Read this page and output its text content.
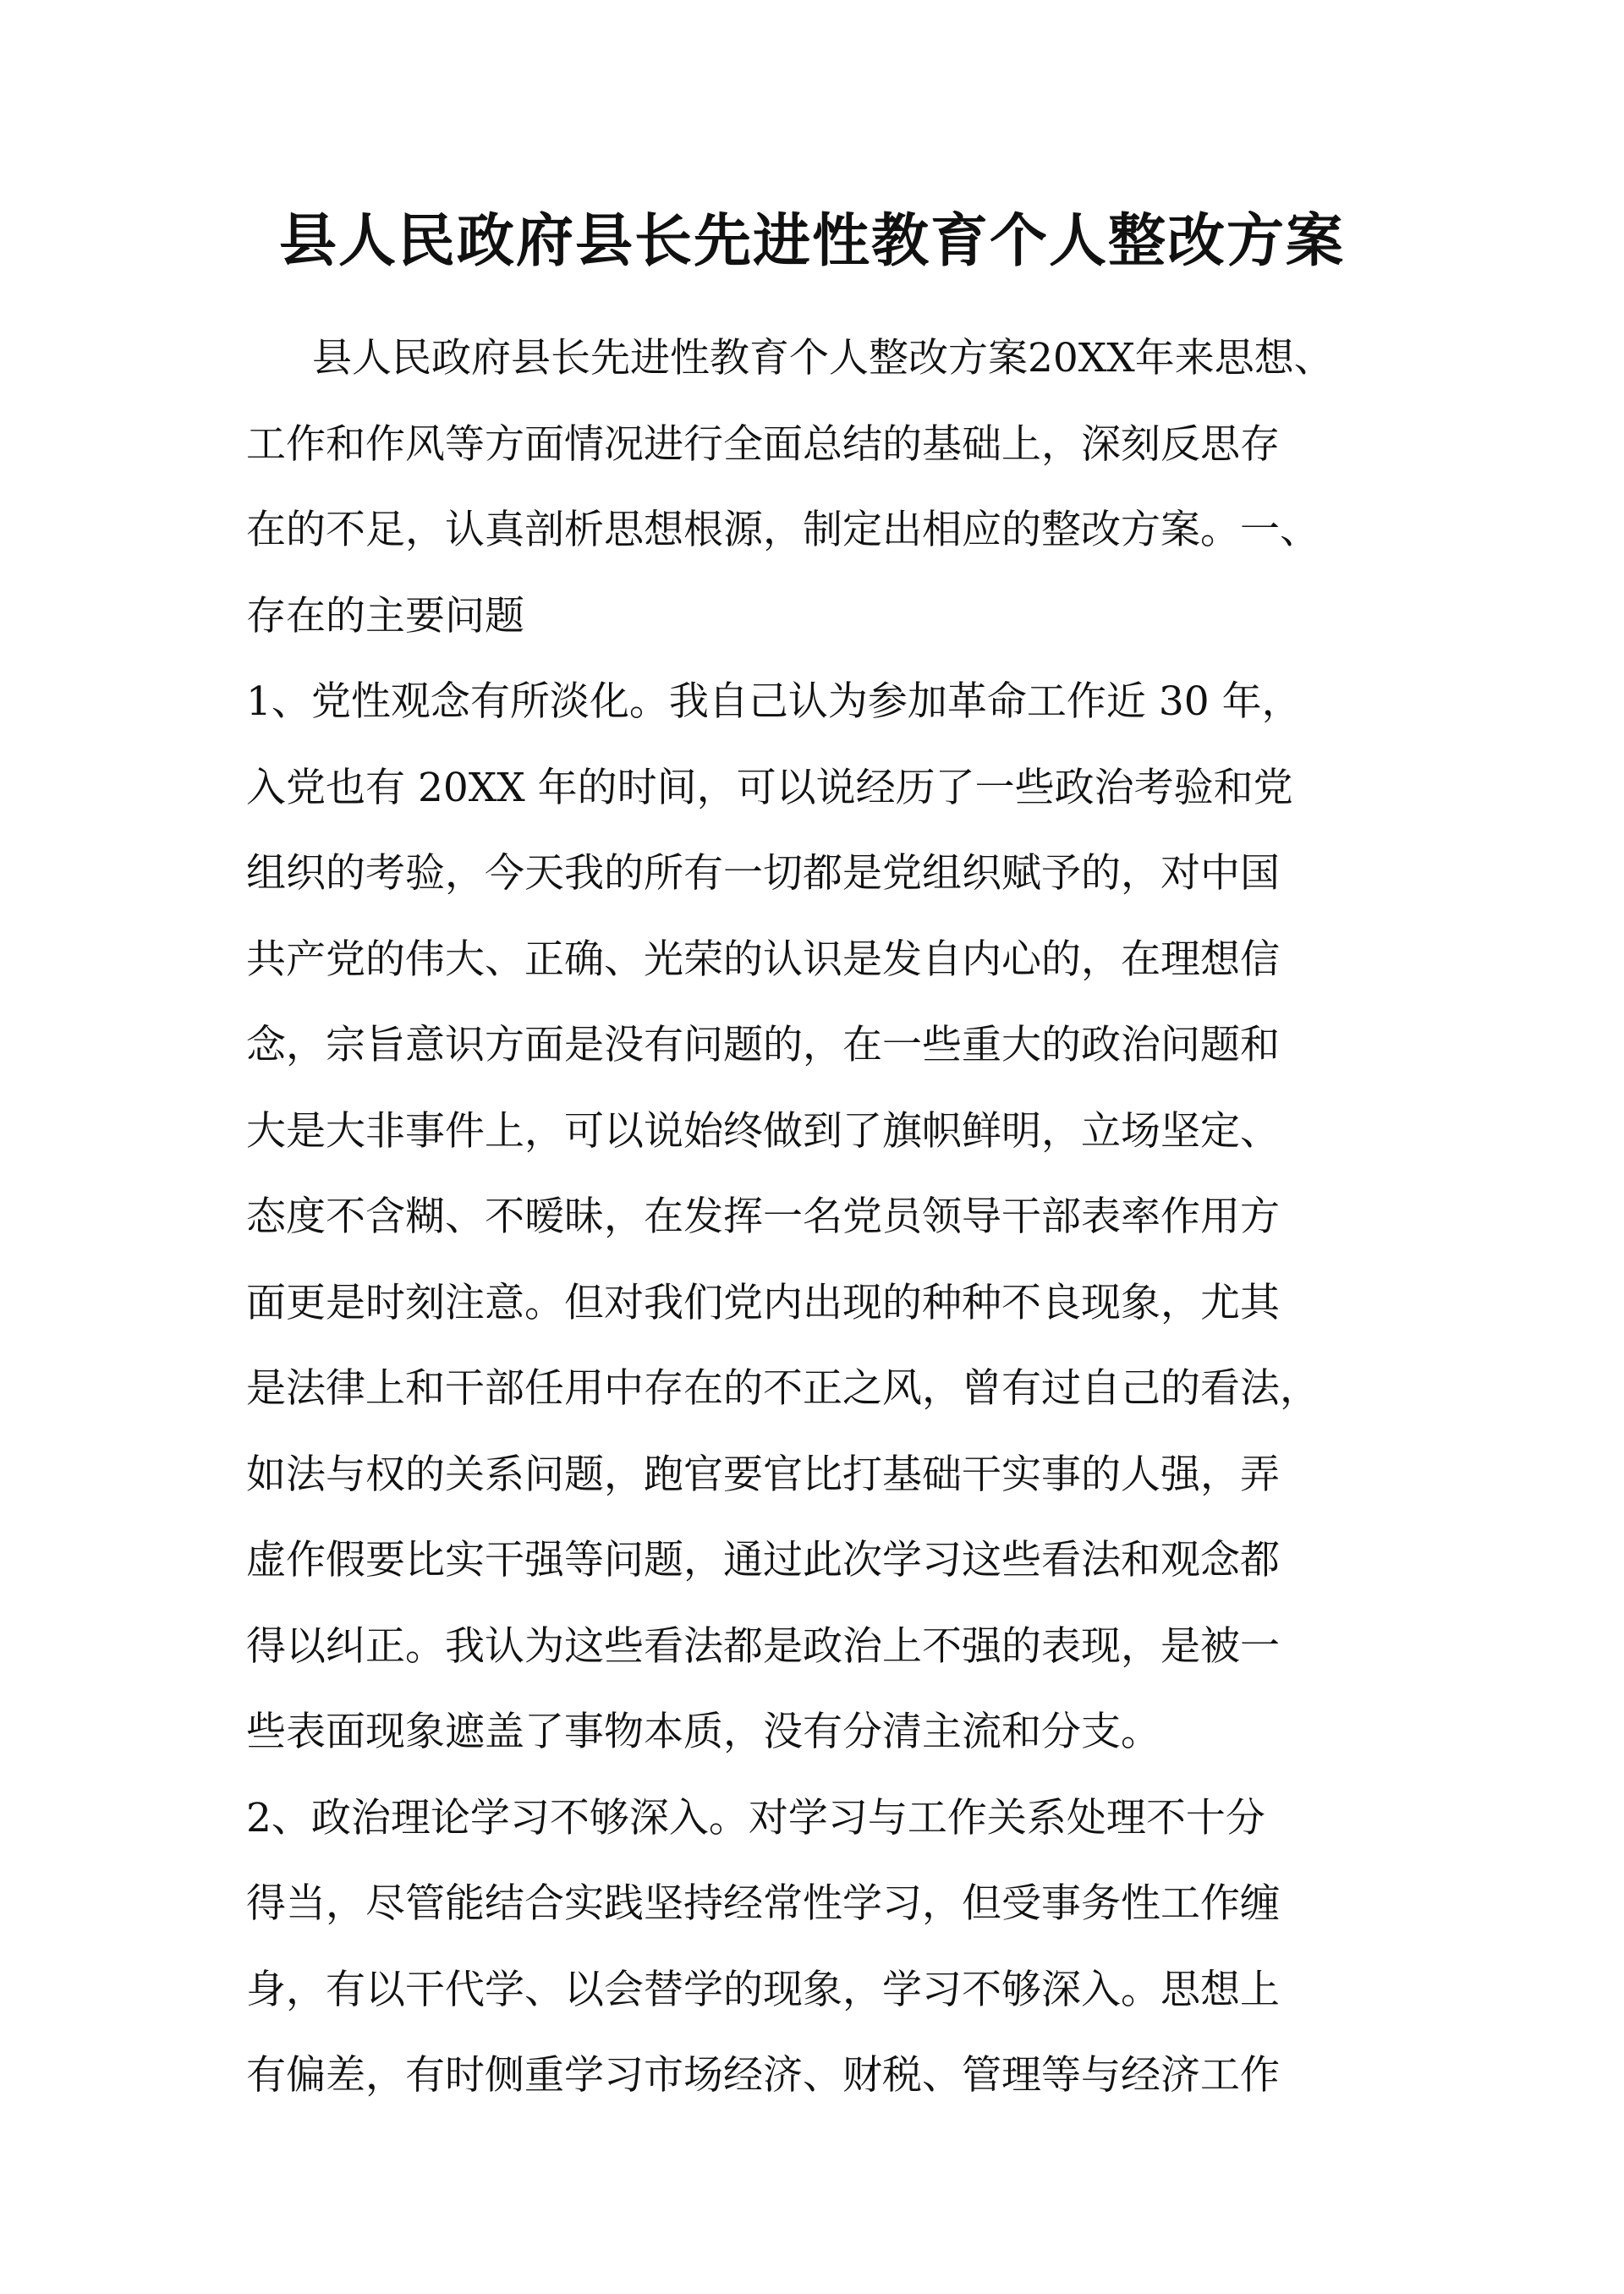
县人民政府县长先进性教育个人整改方案
县人民政府县长先进性教育个人整改方案20XX年来思想、
工作和作风等方面情况进行全面总结的基础上，深刻反思存
在的不足，认真剖析思想根源，制定出相应的整改方案。一、
存在的主要问题
1、党性观念有所淡化。我自己认为参加革命工作近 30 年，
入党也有 20XX 年的时间，可以说经历了一些政治考验和党
组织的考验，今天我的所有一切都是党组织赋予的，对中国
共产党的伟大、正确、光荣的认识是发自内心的，在理想信
念，宗旨意识方面是没有问题的，在一些重大的政治问题和
大是大非事件上，可以说始终做到了旗帜鲜明，立场坚定、
态度不含糊、不暧昧，在发挥一名党员领导干部表率作用方
面更是时刻注意。但对我们党内出现的种种不良现象，尤其
是法律上和干部任用中存在的不正之风，曾有过自己的看法，
如法与权的关系问题，跑官要官比打基础干实事的人强，弄
虚作假要比实干强等问题，通过此次学习这些看法和观念都
得以纠正。我认为这些看法都是政治上不强的表现，是被一
些表面现象遮盖了事物本质，没有分清主流和分支。
2、政治理论学习不够深入。对学习与工作关系处理不十分
得当，尽管能结合实践坚持经常性学习，但受事务性工作缠
身，有以干代学、以会替学的现象，学习不够深入。思想上
有偏差，有时侧重学习市场经济、财税、管理等与经济工作
